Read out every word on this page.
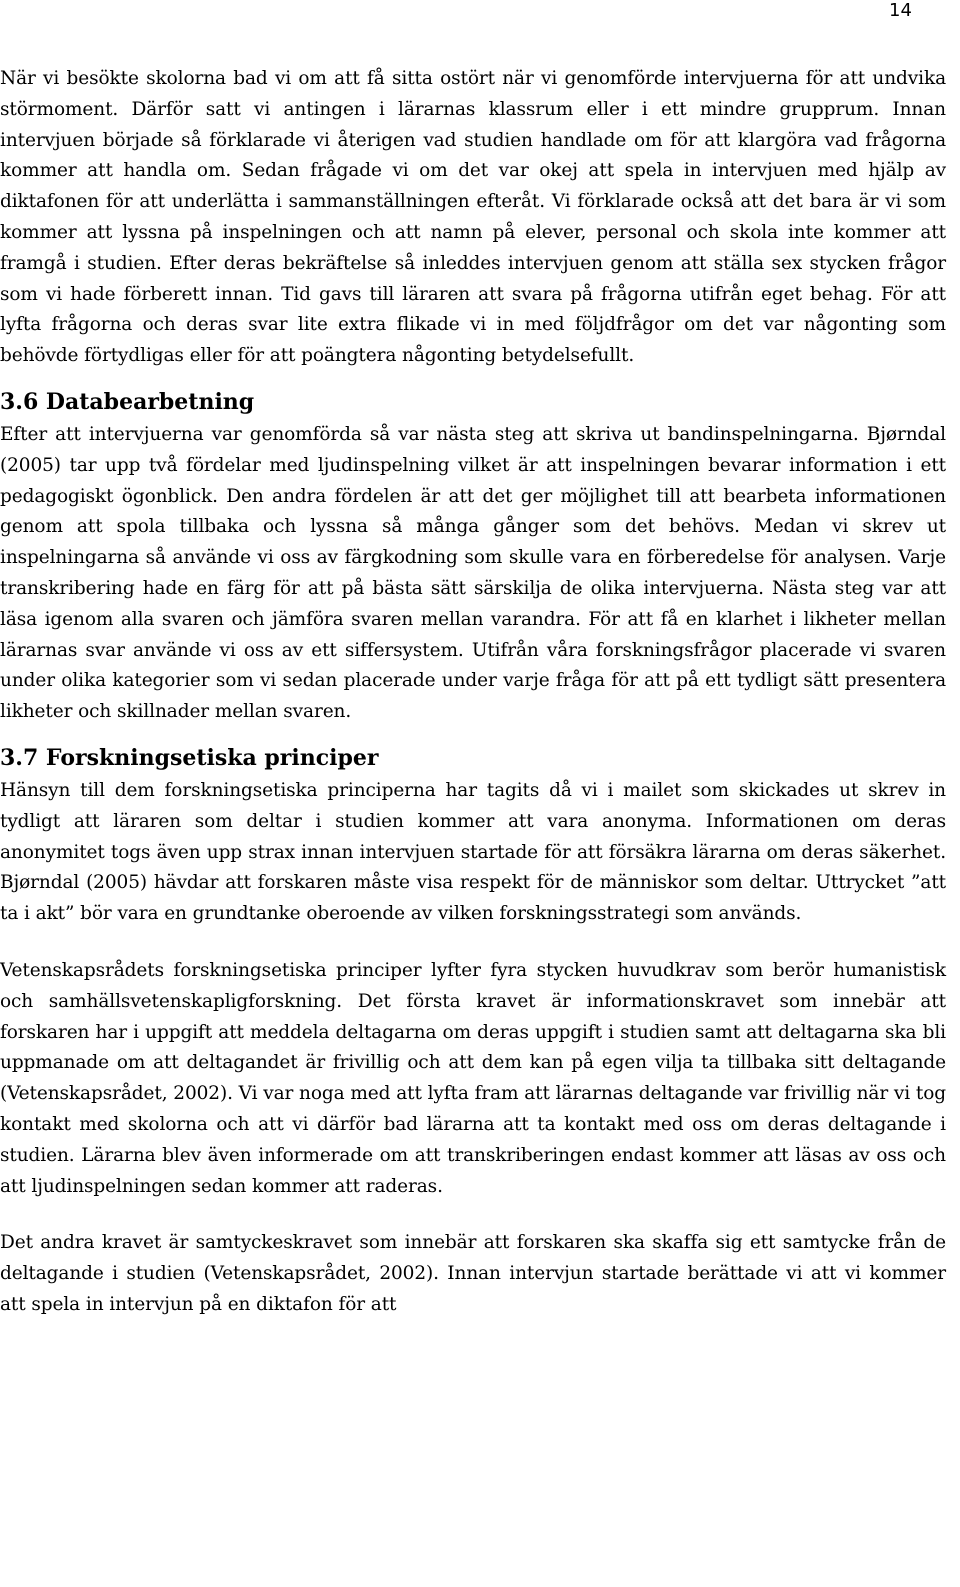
14

När vi besökte skolorna bad vi om att få sitta ostört när vi genomförde intervjuerna för att undvika störmoment. Därför satt vi antingen i lärarnas klassrum eller i ett mindre grupprum. Innan intervjuen började så förklarade vi återigen vad studien handlade om för att klargöra vad frågorna kommer att handla om. Sedan frågade vi om det var okej att spela in intervjuen med hjälp av diktafonen för att underlätta i sammanställningen efteråt. Vi förklarade också att det bara är vi som kommer att lyssna på inspelningen och att namn på elever, personal och skola inte kommer att framgå i studien. Efter deras bekräftelse så inleddes intervjuen genom att ställa sex stycken frågor som vi hade förberett innan. Tid gavs till läraren att svara på frågorna utifrån eget behag. För att lyfta frågorna och deras svar lite extra flikade vi in med följdfrågor om det var någonting som behövde förtydligas eller för att poängtera någonting betydelsefullt.

3.6 Databearbetning

Efter att intervjuerna var genomförda så var nästa steg att skriva ut bandinspelningarna. Bjørndal (2005) tar upp två fördelar med ljudinspelning vilket är att inspelningen bevarar information i ett pedagogiskt ögonblick. Den andra fördelen är att det ger möjlighet till att bearbeta informationen genom att spola tillbaka och lyssna så många gånger som det behövs. Medan vi skrev ut inspelningarna så använde vi oss av färgkodning som skulle vara en förberedelse för analysen. Varje transkribering hade en färg för att på bästa sätt särskilja de olika intervjuerna. Nästa steg var att läsa igenom alla svaren och jämföra svaren mellan varandra. För att få en klarhet i likheter mellan lärarnas svar använde vi oss av ett siffersystem. Utifrån våra forskningsfrågor placerade vi svaren under olika kategorier som vi sedan placerade under varje fråga för att på ett tydligt sätt presentera likheter och skillnader mellan svaren.

3.7 Forskningsetiska principer

Hänsyn till dem forskningsetiska principerna har tagits då vi i mailet som skickades ut skrev in tydligt att läraren som deltar i studien kommer att vara anonyma. Informationen om deras anonymitet togs även upp strax innan intervjuen startade för att försäkra lärarna om deras säkerhet. Bjørndal (2005) hävdar att forskaren måste visa respekt för de människor som deltar. Uttrycket ”att ta i akt” bör vara en grundtanke oberoende av vilken forskningsstrategi som används.

Vetenskapsrådets forskningsetiska principer lyfter fyra stycken huvudkrav som berör humanistisk och samhällsvetenskapligforskning. Det första kravet är informationskravet som innebär att forskaren har i uppgift att meddela deltagarna om deras uppgift i studien samt att deltagarna ska bli uppmanade om att deltagandet är frivillig och att dem kan på egen vilja ta tillbaka sitt deltagande (Vetenskapsrådet, 2002). Vi var noga med att lyfta fram att lärarnas deltagande var frivillig när vi tog kontakt med skolorna och att vi därför bad lärarna att ta kontakt med oss om deras deltagande i studien. Lärarna blev även informerade om att transkriberingen endast kommer att läsas av oss och att ljudinspelningen sedan kommer att raderas.

Det andra kravet är samtyckeskravet som innebär att forskaren ska skaffa sig ett samtycke från de deltagande i studien (Vetenskapsrådet, 2002). Innan intervjun startade berättade vi att vi kommer att spela in intervjun på en diktafon för att
